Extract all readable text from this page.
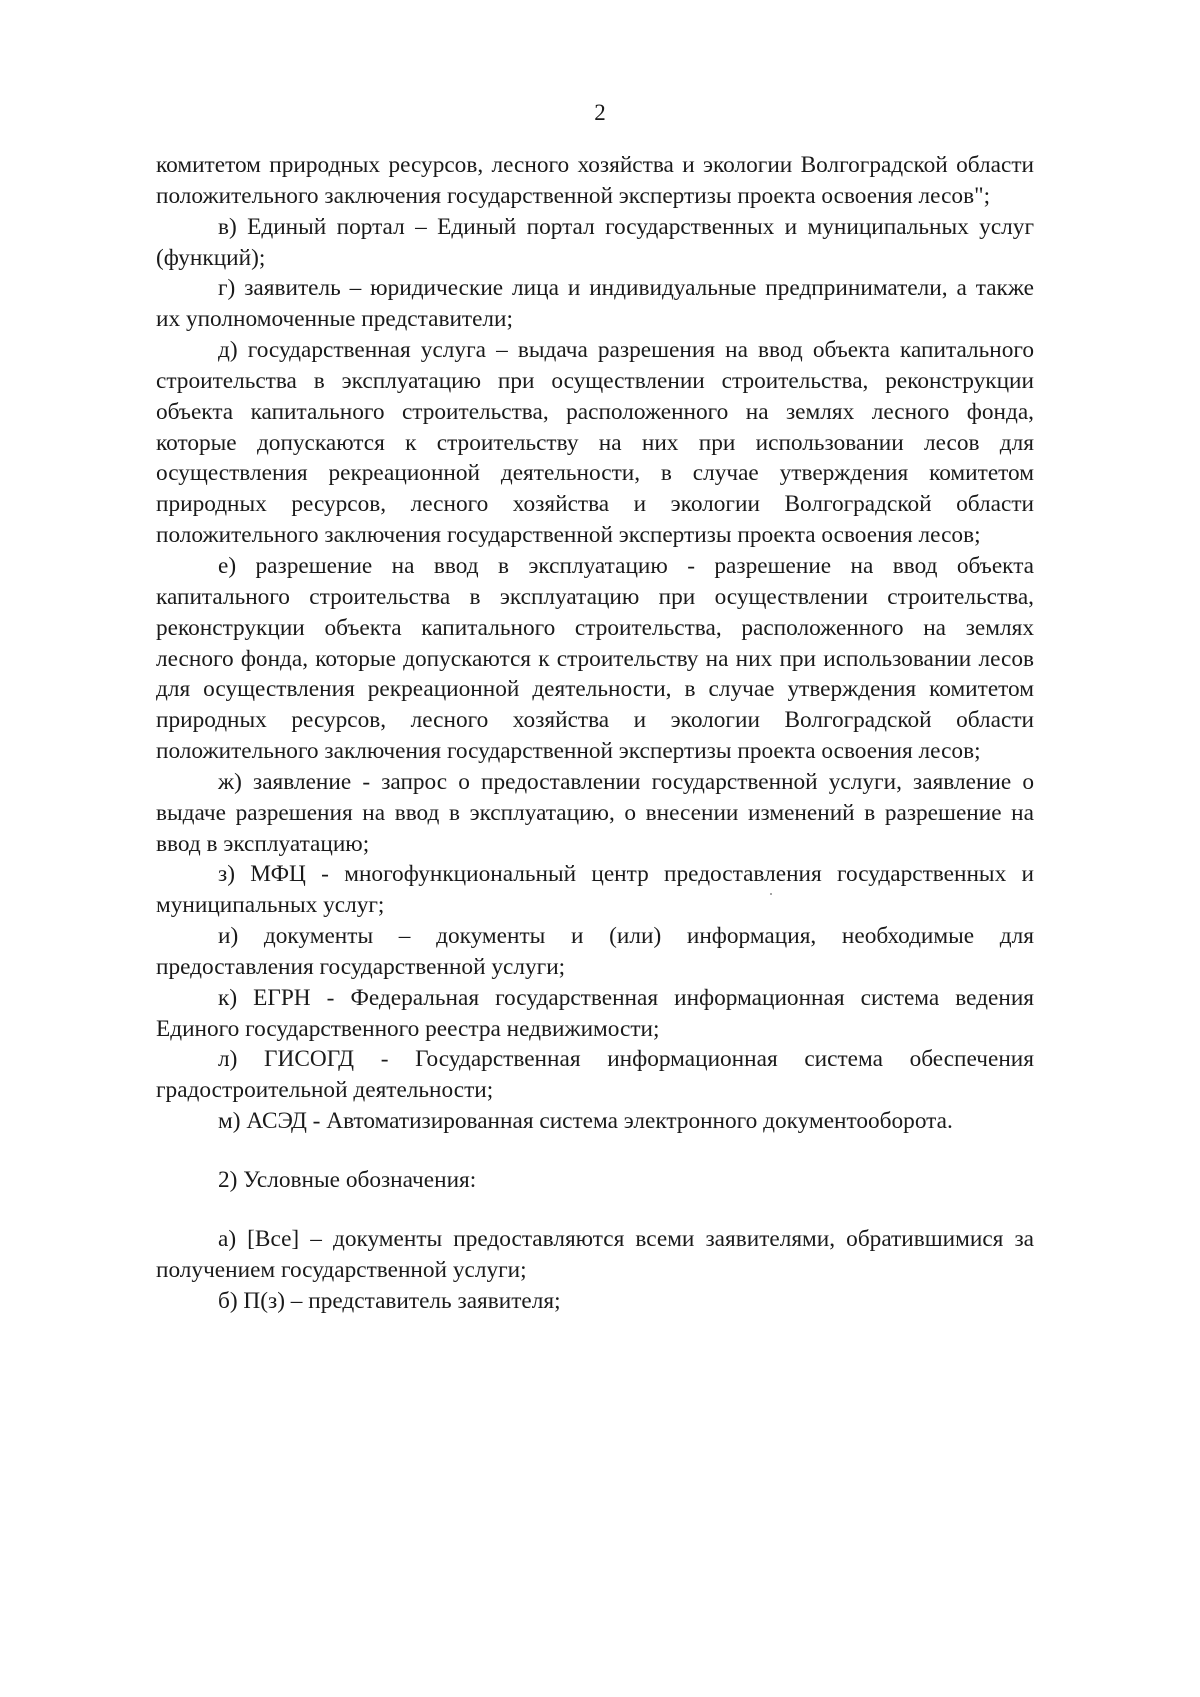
2

комитетом природных ресурсов, лесного хозяйства и экологии Волгоградской области положительного заключения государственной экспертизы проекта освоения лесов";

в) Единый портал – Единый портал государственных и муниципальных услуг (функций);

г) заявитель – юридические лица и индивидуальные предприниматели, а также их уполномоченные представители;

д) государственная услуга – выдача разрешения на ввод объекта капитального строительства в эксплуатацию при осуществлении строительства, реконструкции объекта капитального строительства, расположенного на землях лесного фонда, которые допускаются к строительству на них при использовании лесов для осуществления рекреационной деятельности, в случае утверждения комитетом природных ресурсов, лесного хозяйства и экологии Волгоградской области положительного заключения государственной экспертизы проекта освоения лесов;

е) разрешение на ввод в эксплуатацию - разрешение на ввод объекта капитального строительства в эксплуатацию при осуществлении строительства, реконструкции объекта капитального строительства, расположенного на землях лесного фонда, которые допускаются к строительству на них при использовании лесов для осуществления рекреационной деятельности, в случае утверждения комитетом природных ресурсов, лесного хозяйства и экологии Волгоградской области положительного заключения государственной экспертизы проекта освоения лесов;

ж) заявление - запрос о предоставлении государственной услуги, заявление о выдаче разрешения на ввод в эксплуатацию, о внесении изменений в разрешение на ввод в эксплуатацию;

з) МФЦ - многофункциональный центр предоставления государственных и муниципальных услуг;

и) документы – документы и (или) информация, необходимые для предоставления государственной услуги;

к) ЕГРН - Федеральная государственная информационная система ведения Единого государственного реестра недвижимости;

л) ГИСОГД - Государственная информационная система обеспечения градостроительной деятельности;

м) АСЭД - Автоматизированная система электронного документооборота.

2) Условные обозначения:

а) [Все] – документы предоставляются всеми заявителями, обратившимися за получением государственной услуги;

б) П(з) – представитель заявителя;
